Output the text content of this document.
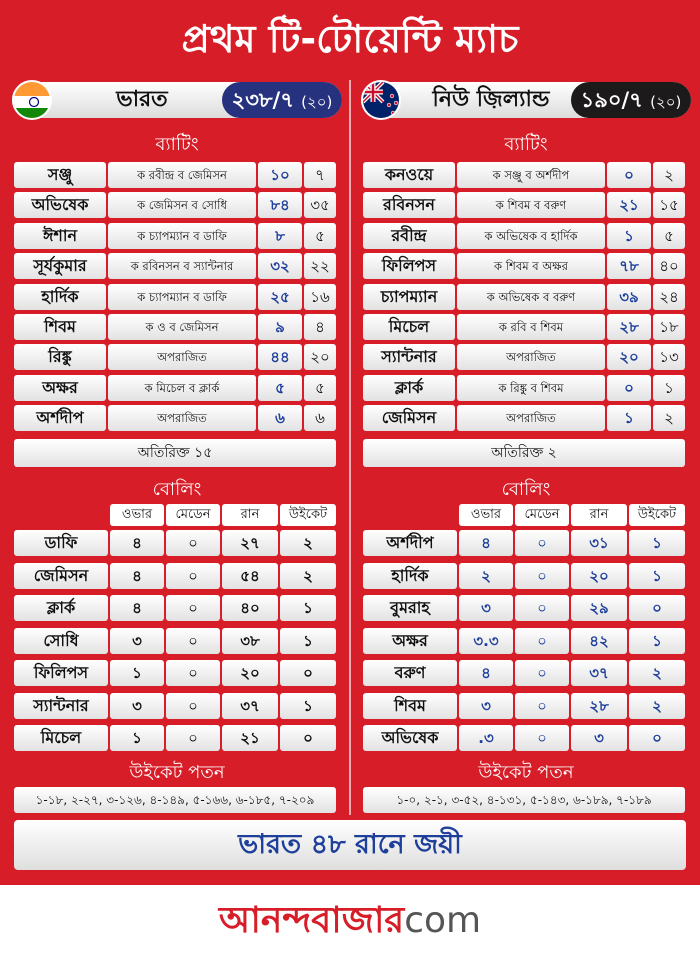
প্রথম টি-টোয়েন্টি ম্যাচ
ভারত	২৩৮/৭ (২০)	নিউ জ়িল্যান্ড	১৯০/৭ (২০)
ব্যাটিং	ব্যাটিং
সঞ্জু	ক রবীন্দ্র ব জেমিসন	১০	৭
অভিষেক	ক জেমিসন ব সোধি	৮৪	৩৫
ঈশান	ক চ্যাপম্যান ব ডাফি	৮	৫
সূর্যকুমার	ক রবিনসন ব স্যান্টনার	৩২	২২
হার্দিক	ক চ্যাপম্যান ব ডাফি	২৫	১৬
শিবম	ক ও ব জেমিসন	৯	৪
রিঙ্কু	অপরাজিত	৪৪	২০
অক্ষর	ক মিচেল ব ক্লার্ক	৫	৫
অর্শদীপ	অপরাজিত	৬	৬
কনওয়ে	ক সঞ্জু ব অর্শদীপ	০	২
রবিনসন	ক শিবম ব বরুণ	২১	১৫
রবীন্দ্র	ক অভিষেক ব হার্দিক	১	৫
ফিলিপস	ক শিবম ব অক্ষর	৭৮	৪০
চ্যাপম্যান	ক অভিষেক ব বরুণ	৩৯	২৪
মিচেল	ক রবি ব শিবম	২৮	১৮
স্যান্টনার	অপরাজিত	২০	১৩
ক্লার্ক	ক রিঙ্কু ব শিবম	০	১
জেমিসন	অপরাজিত	১	২
অতিরিক্ত ১৫	অতিরিক্ত ২
বোলিং	বোলিং
ওভার	মেডেন	রান	উইকেট
ডাফি	৪	০	২৭	২
জেমিসন	৪	০	৫৪	২
ক্লার্ক	৪	০	৪০	১
সোধি	৩	০	৩৮	১
ফিলিপস	১	০	২০	০
স্যান্টনার	৩	০	৩৭	১
মিচেল	১	০	২১	০
ওভার	মেডেন	রান	উইকেট
অর্শদীপ	৪	০	৩১	১
হার্দিক	২	০	২০	১
বুমরাহ	৩	০	২৯	০
অক্ষর	৩.৩	০	৪২	১
বরুণ	৪	০	৩৭	২
শিবম	৩	০	২৮	২
অভিষেক	.৩	০	৩	০
উইকেট পতন	উইকেট পতন
১-১৮, ২-২৭, ৩-১২৬, ৪-১৪৯, ৫-১৬৬, ৬-১৮৫, ৭-২০৯	১-০, ২-১, ৩-৫২, ৪-১৩১, ৫-১৪৩, ৬-১৮৯, ৭-১৮৯
ভারত ৪৮ রানে জয়ী
আনন্দবাজারcom
